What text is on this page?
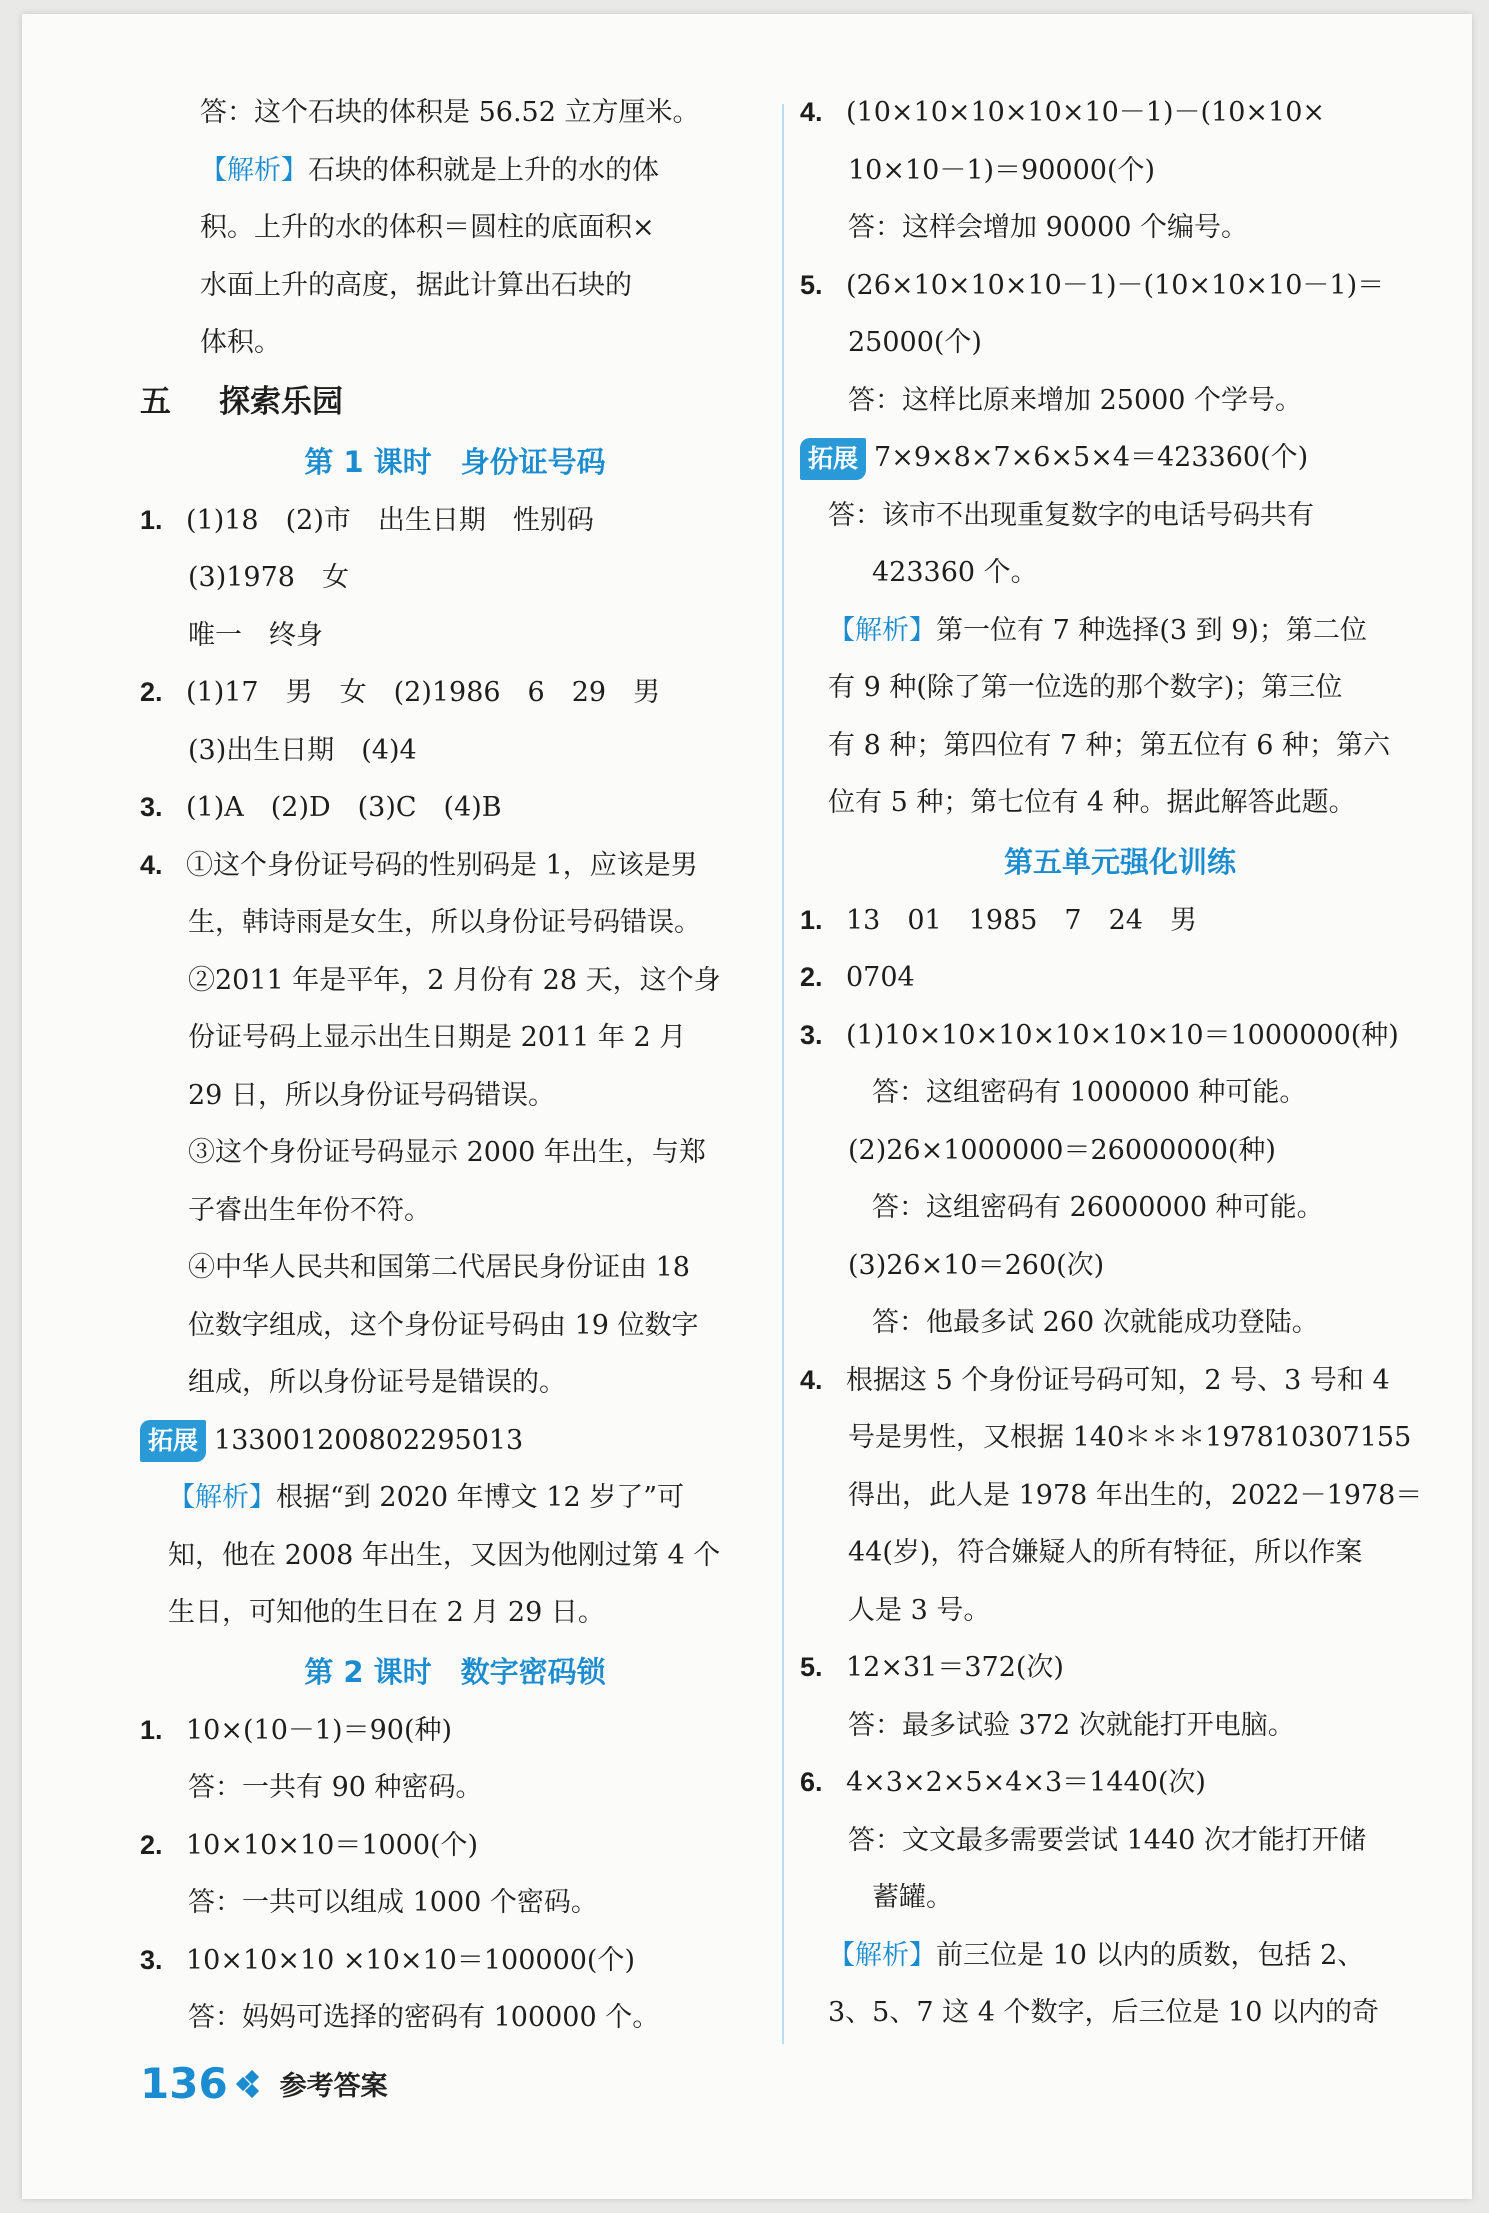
答：这个石块的体积是 56.52 立方厘米。
【解析】石块的体积就是上升的水的体
积。上升的水的体积＝圆柱的底面积×
水面上升的高度，据此计算出石块的
体积。
五 探索乐园
第 1 课时　身份证号码
1. (1)18　(2)市　出生日期　性别码
(3)1978　女
唯一　终身
2. (1)17　男　女　(2)1986　6　29　男
(3)出生日期　(4)4
3. (1)A　(2)D　(3)C　(4)B
4. ①这个身份证号码的性别码是 1，应该是男
生，韩诗雨是女生，所以身份证号码错误。
②2011 年是平年，2 月份有 28 天，这个身
份证号码上显示出生日期是 2011 年 2 月
29 日，所以身份证号码错误。
③这个身份证号码显示 2000 年出生，与郑
子睿出生年份不符。
④中华人民共和国第二代居民身份证由 18
位数字组成，这个身份证号码由 19 位数字
组成，所以身份证号是错误的。
拓展 133001200802295013
【解析】根据“到 2020 年博文 12 岁了”可
知，他在 2008 年出生，又因为他刚过第 4 个
生日，可知他的生日在 2 月 29 日。
第 2 课时　数字密码锁
1. 10×(10－1)＝90(种)
答：一共有 90 种密码。
2. 10×10×10＝1000(个)
答：一共可以组成 1000 个密码。
3. 10×10×10 ×10×10＝100000(个)
答：妈妈可选择的密码有 100000 个。
4. (10×10×10×10×10－1)－(10×10×
10×10－1)＝90000(个)
答：这样会增加 90000 个编号。
5. (26×10×10×10－1)－(10×10×10－1)＝
25000(个)
答：这样比原来增加 25000 个学号。
拓展 7×9×8×7×6×5×4＝423360(个)
答：该市不出现重复数字的电话号码共有
423360 个。
【解析】第一位有 7 种选择(3 到 9)；第二位
有 9 种(除了第一位选的那个数字)；第三位
有 8 种；第四位有 7 种；第五位有 6 种；第六
位有 5 种；第七位有 4 种。据此解答此题。
第五单元强化训练
1. 13　01　1985　7　24　男
2. 0704
3. (1)10×10×10×10×10×10＝1000000(种)
答：这组密码有 1000000 种可能。
(2)26×1000000＝26000000(种)
答：这组密码有 26000000 种可能。
(3)26×10＝260(次)
答：他最多试 260 次就能成功登陆。
4. 根据这 5 个身份证号码可知，2 号、3 号和 4
号是男性，又根据 140＊＊＊197810307155
得出，此人是 1978 年出生的，2022－1978＝
44(岁)，符合嫌疑人的所有特征，所以作案
人是 3 号。
5. 12×31＝372(次)
答：最多试验 372 次就能打开电脑。
6. 4×3×2×5×4×3＝1440(次)
答：文文最多需要尝试 1440 次才能打开储
蓄罐。
【解析】前三位是 10 以内的质数，包括 2、
3、5、7 这 4 个数字，后三位是 10 以内的奇
136 参考答案
